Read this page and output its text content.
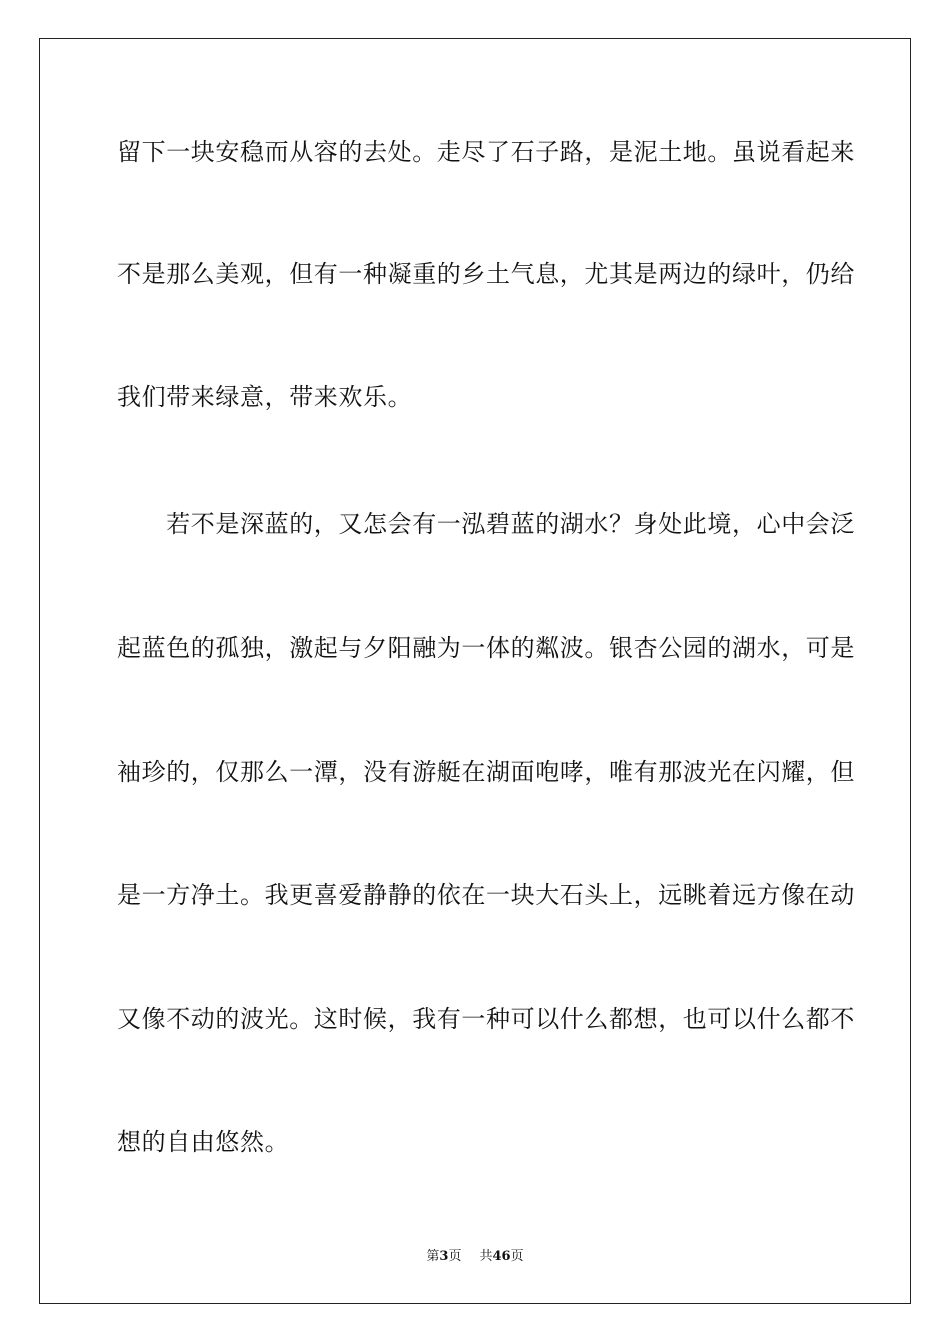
留下一块安稳而从容的去处。走尽了石子路，是泥土地。虽说看起来
不是那么美观，但有一种凝重的乡土气息，尤其是两边的绿叶，仍给
我们带来绿意，带来欢乐。
　　若不是深蓝的，又怎会有一泓碧蓝的湖水？身处此境，心中会泛
起蓝色的孤独，激起与夕阳融为一体的粼波。银杏公园的湖水，可是
袖珍的，仅那么一潭，没有游艇在湖面咆哮，唯有那波光在闪耀，但
是一方净土。我更喜爱静静的依在一块大石头上，远眺着远方像在动
又像不动的波光。这时候，我有一种可以什么都想，也可以什么都不
想的自由悠然。
第3页 共46页
